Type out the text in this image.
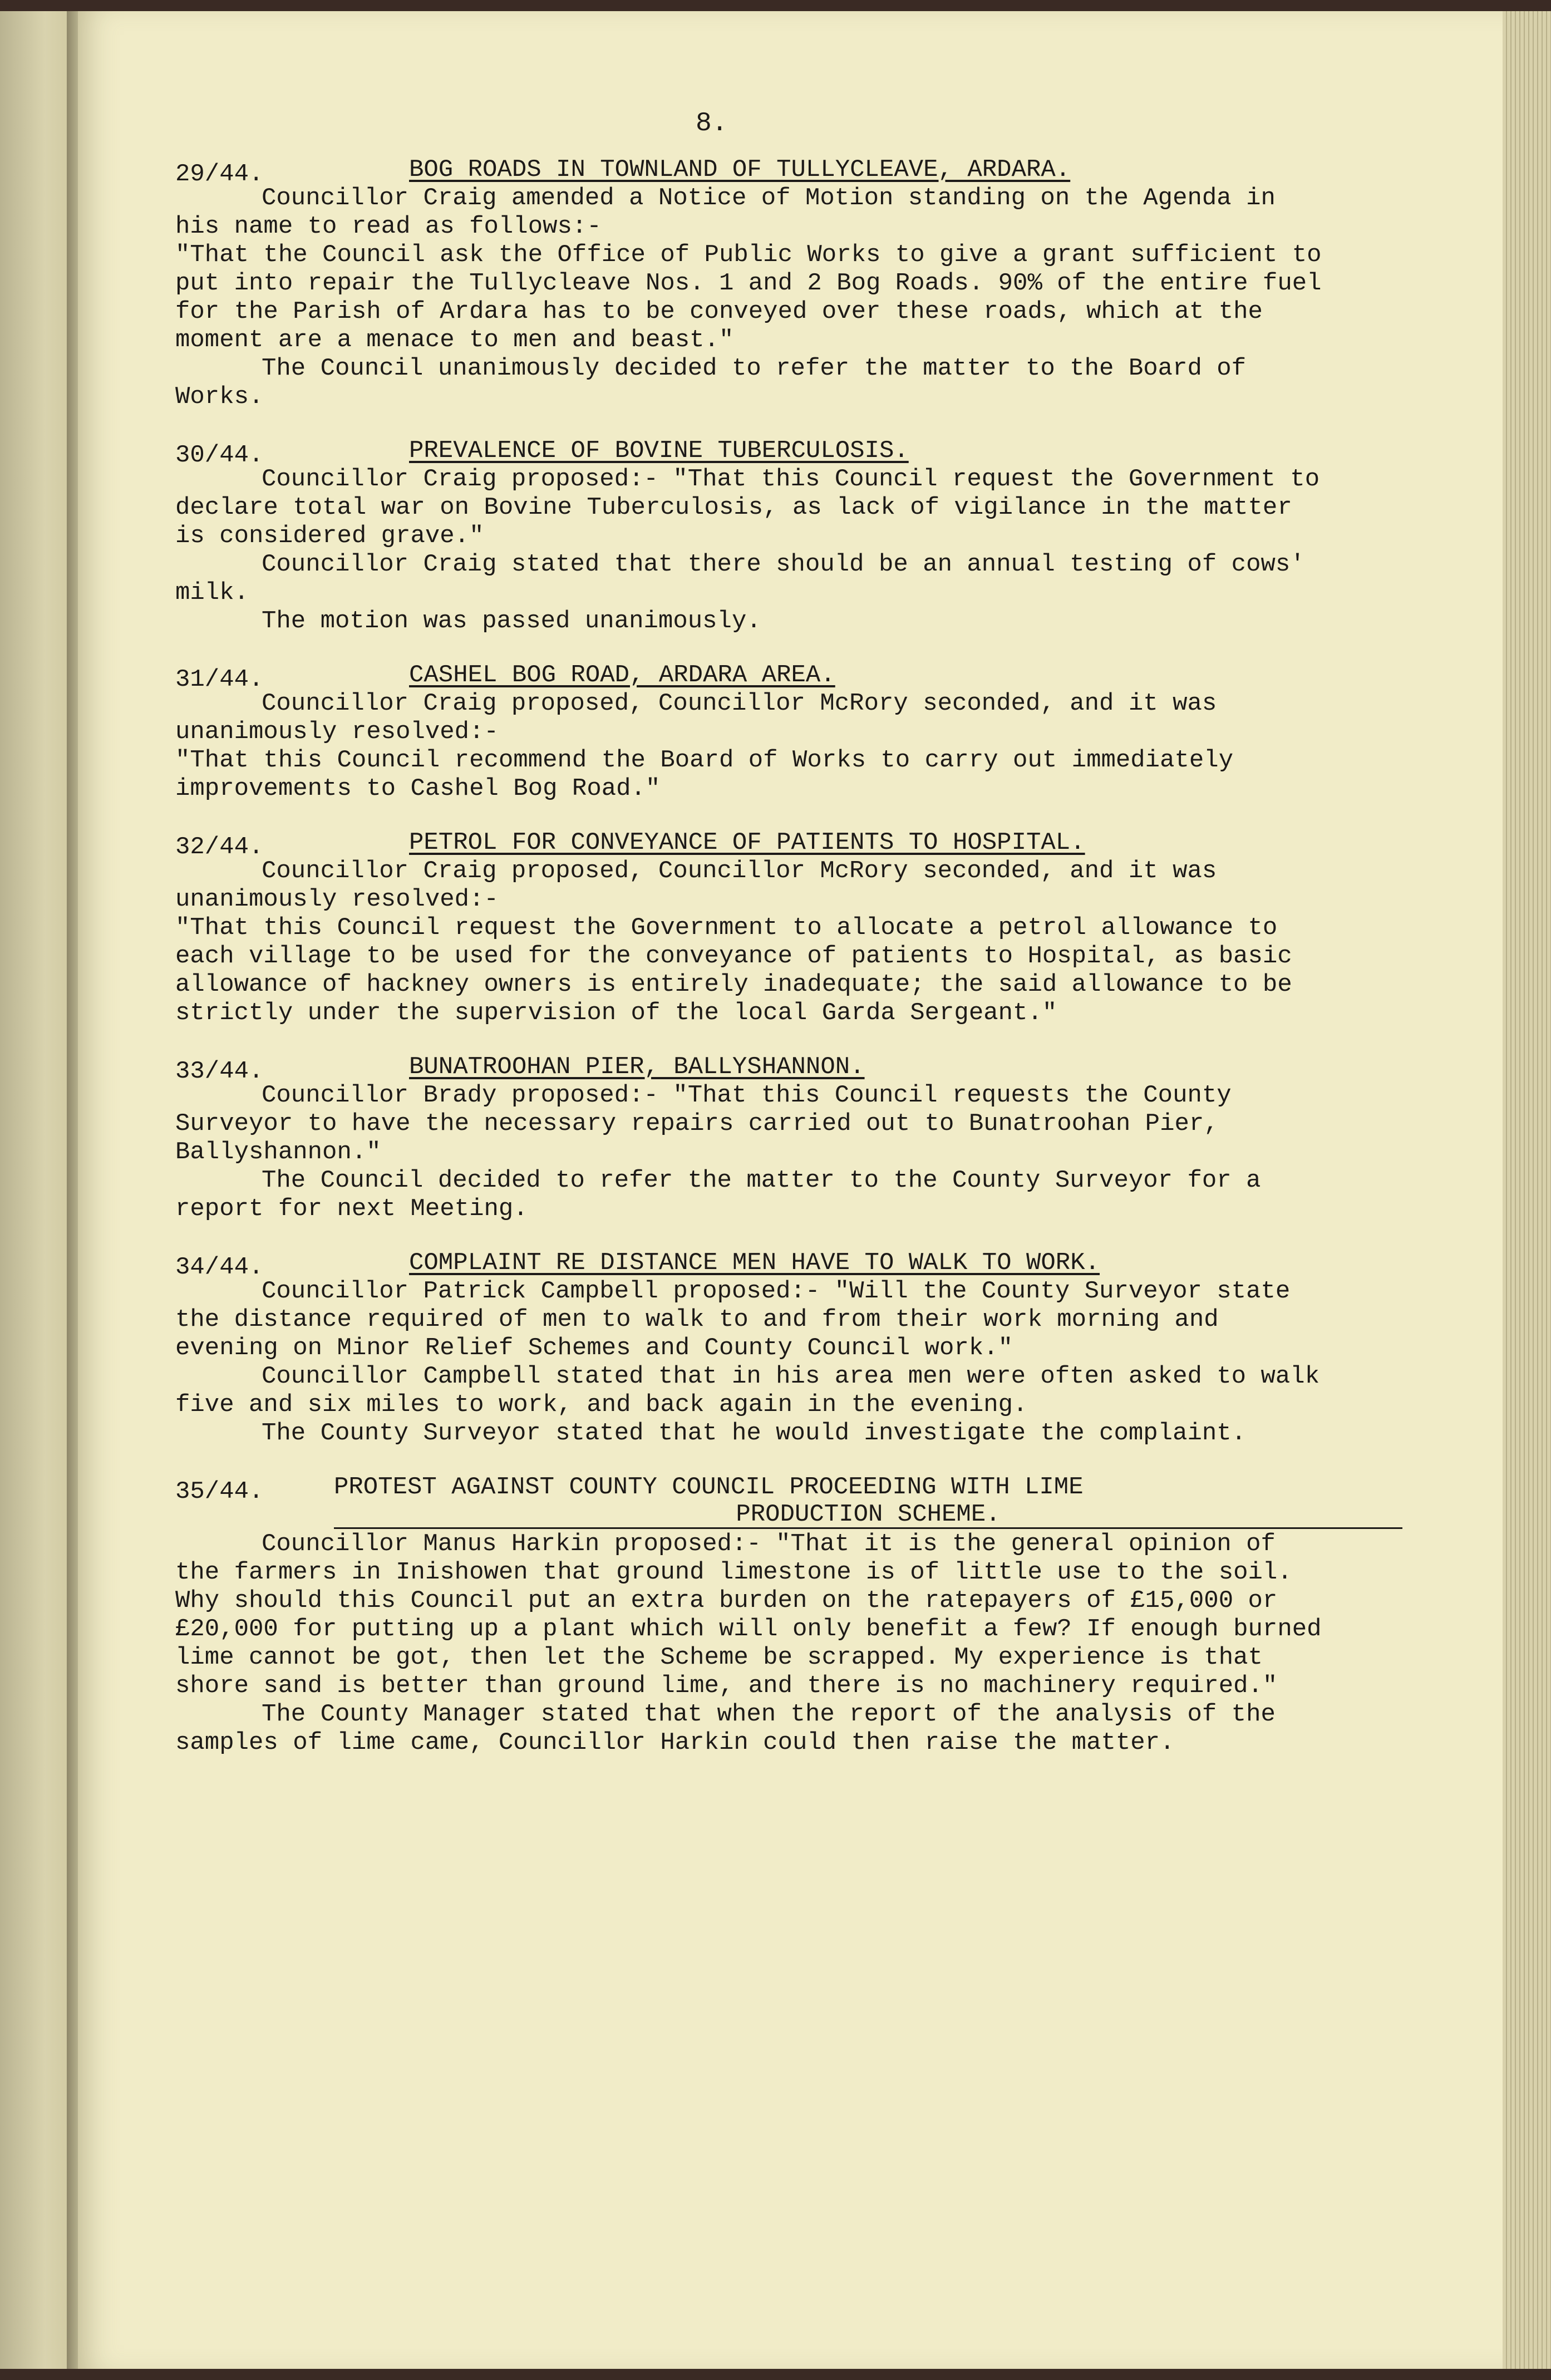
8.
29/44.	BOG ROADS IN TOWNLAND OF TULLYCLEAVE, ARDARA.

Councillor Craig amended a Notice of Motion standing on the Agenda in his name to read as follows:-

"That the Council ask the Office of Public Works to give a grant sufficient to put into repair the Tullycleave Nos. 1 and 2 Bog Roads. 90% of the entire fuel for the Parish of Ardara has to be conveyed over these roads, which at the moment are a menace to men and beast."

The Council unanimously decided to refer the matter to the Board of Works.

30/44.	PREVALENCE OF BOVINE TUBERCULOSIS.

Councillor Craig proposed:- "That this Council request the Government to declare total war on Bovine Tuberculosis, as lack of vigilance in the matter is considered grave."

Councillor Craig stated that there should be an annual testing of cows' milk.

The motion was passed unanimously.

31/44.	CASHEL BOG ROAD, ARDARA AREA.

Councillor Craig proposed, Councillor McRory seconded, and it was unanimously resolved:-

"That this Council recommend the Board of Works to carry out immediately improvements to Cashel Bog Road."

32/44.	PETROL FOR CONVEYANCE OF PATIENTS TO HOSPITAL.

Councillor Craig proposed, Councillor McRory seconded, and it was unanimously resolved:-

"That this Council request the Government to allocate a petrol allowance to each village to be used for the conveyance of patients to Hospital, as basic allowance of hackney owners is entirely inadequate; the said allowance to be strictly under the supervision of the local Garda Sergeant."

33/44.	BUNATROOHAN PIER, BALLYSHANNON.

Councillor Brady proposed:- "That this Council requests the County Surveyor to have the necessary repairs carried out to Bunatroohan Pier, Ballyshannon."

The Council decided to refer the matter to the County Surveyor for a report for next Meeting.

34/44.	COMPLAINT RE DISTANCE MEN HAVE TO WALK TO WORK.

Councillor Patrick Campbell proposed:- "Will the County Surveyor state the distance required of men to walk to and from their work morning and evening on Minor Relief Schemes and County Council work."

Councillor Campbell stated that in his area men were often asked to walk five and six miles to work, and back again in the evening.

The County Surveyor stated that he would investigate the complaint.

35/44.	PROTEST AGAINST COUNTY COUNCIL PROCEEDING WITH LIME
PRODUCTION SCHEME.

Councillor Manus Harkin proposed:- "That it is the general opinion of the farmers in Inishowen that ground limestone is of little use to the soil. Why should this Council put an extra burden on the ratepayers of £15,000 or £20,000 for putting up a plant which will only benefit a few? If enough burned lime cannot be got, then let the Scheme be scrapped. My experience is that shore sand is better than ground lime, and there is no machinery required."

The County Manager stated that when the report of the analysis of the samples of lime came, Councillor Harkin could then raise the matter.
